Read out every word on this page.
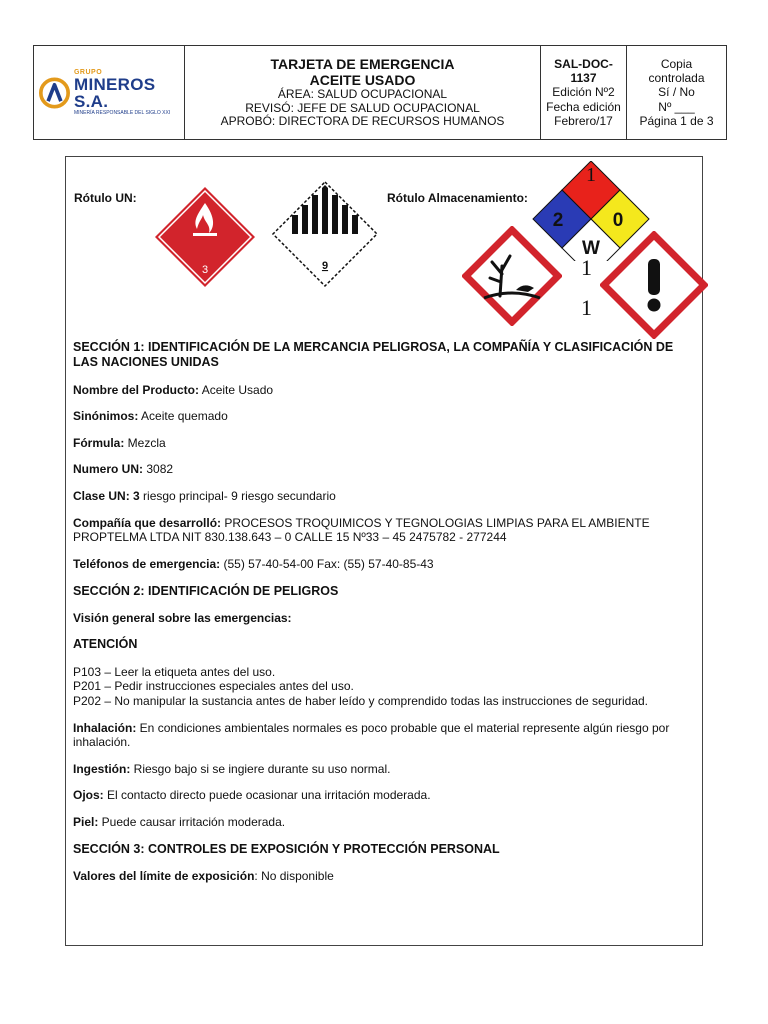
GRUPO
MINEROS S.A.
MINERÍA RESPONSABLE DEL SIGLO XXI

TARJETA DE EMERGENCIA
ACEITE USADO
ÁREA: SALUD OCUPACIONAL
REVISÓ: JEFE DE SALUD OCUPACIONAL
APROBÓ: DIRECTORA DE RECURSOS HUMANOS

SAL-DOC-
1137
Edición Nº2
Fecha edición
Febrero/17

Copia
controlada
Sí / No
Nº ___
Página 1 de 3
Rótulo UN:	Rótulo Almacenamiento:
3	9
1
2	0
W
1
1

SECCIÓN 1: IDENTIFICACIÓN DE LA MERCANCIA PELIGROSA, LA COMPAÑÍA Y CLASIFICACIÓN DE LAS NACIONES UNIDAS

Nombre del Producto: Aceite Usado

Sinónimos: Aceite quemado

Fórmula: Mezcla

Numero UN: 3082

Clase UN: 3 riesgo principal- 9 riesgo secundario

Compañía que desarrolló: PROCESOS TROQUIMICOS Y TEGNOLOGIAS LIMPIAS PARA EL AMBIENTE PROPTELMA LTDA NIT 830.138.643 – 0 CALLE 15 Nº33 – 45 2475782 - 277244

Teléfonos de emergencia: (55) 57-40-54-00 Fax: (55) 57-40-85-43

SECCIÓN 2: IDENTIFICACIÓN DE PELIGROS

Visión general sobre las emergencias:

ATENCIÓN

P103 – Leer la etiqueta antes del uso.

P201 – Pedir instrucciones especiales antes del uso.

P202 – No manipular la sustancia antes de haber leído y comprendido todas las instrucciones de seguridad.

Inhalación: En condiciones ambientales normales es poco probable que el material represente algún riesgo por inhalación.

Ingestión: Riesgo bajo si se ingiere durante su uso normal.

Ojos: El contacto directo puede ocasionar una irritación moderada.

Piel: Puede causar irritación moderada.

SECCIÓN 3: CONTROLES DE EXPOSICIÓN Y PROTECCIÓN PERSONAL

Valores del límite de exposición: No disponible
